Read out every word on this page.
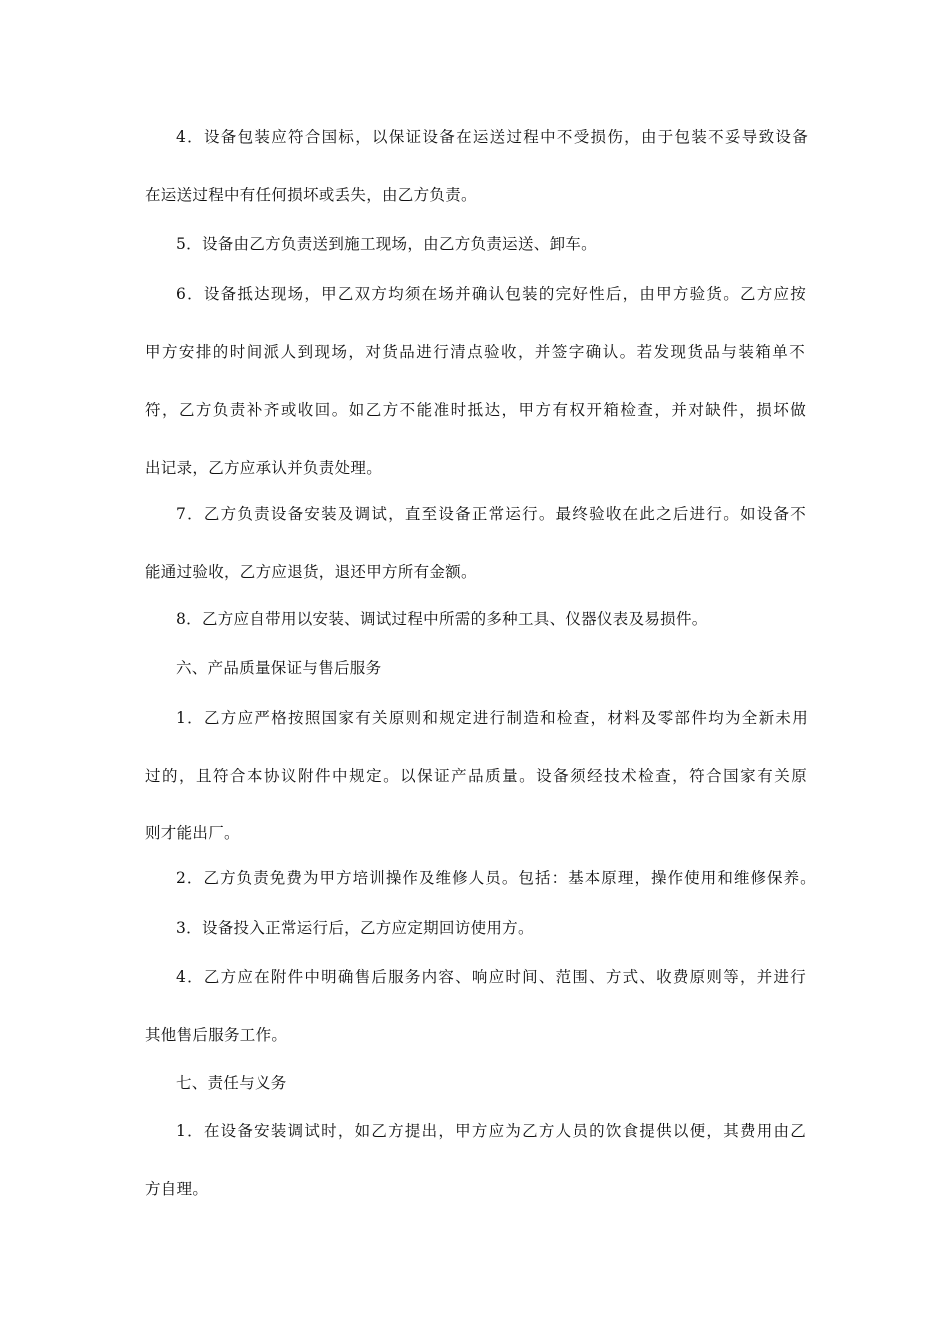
4．设备包装应符合国标，以保证设备在运送过程中不受损伤，由于包装不妥导致设备
在运送过程中有任何损坏或丢失，由乙方负责。
5．设备由乙方负责送到施工现场，由乙方负责运送、卸车。
6．设备抵达现场，甲乙双方均须在场并确认包装的完好性后，由甲方验货。乙方应按
甲方安排的时间派人到现场，对货品进行清点验收，并签字确认。若发现货品与装箱单不
符，乙方负责补齐或收回。如乙方不能准时抵达，甲方有权开箱检查，并对缺件，损坏做
出记录，乙方应承认并负责处理。
7．乙方负责设备安装及调试，直至设备正常运行。最终验收在此之后进行。如设备不
能通过验收，乙方应退货，退还甲方所有金额。
8．乙方应自带用以安装、调试过程中所需的多种工具、仪器仪表及易损件。
六、产品质量保证与售后服务
1．乙方应严格按照国家有关原则和规定进行制造和检查，材料及零部件均为全新未用
过的，且符合本协议附件中规定。以保证产品质量。设备须经技术检查，符合国家有关原
则才能出厂。
2．乙方负责免费为甲方培训操作及维修人员。包括：基本原理，操作使用和维修保养。
3．设备投入正常运行后，乙方应定期回访使用方。
4．乙方应在附件中明确售后服务内容、响应时间、范围、方式、收费原则等，并进行
其他售后服务工作。
七、责任与义务
1．在设备安装调试时，如乙方提出，甲方应为乙方人员的饮食提供以便，其费用由乙
方自理。
